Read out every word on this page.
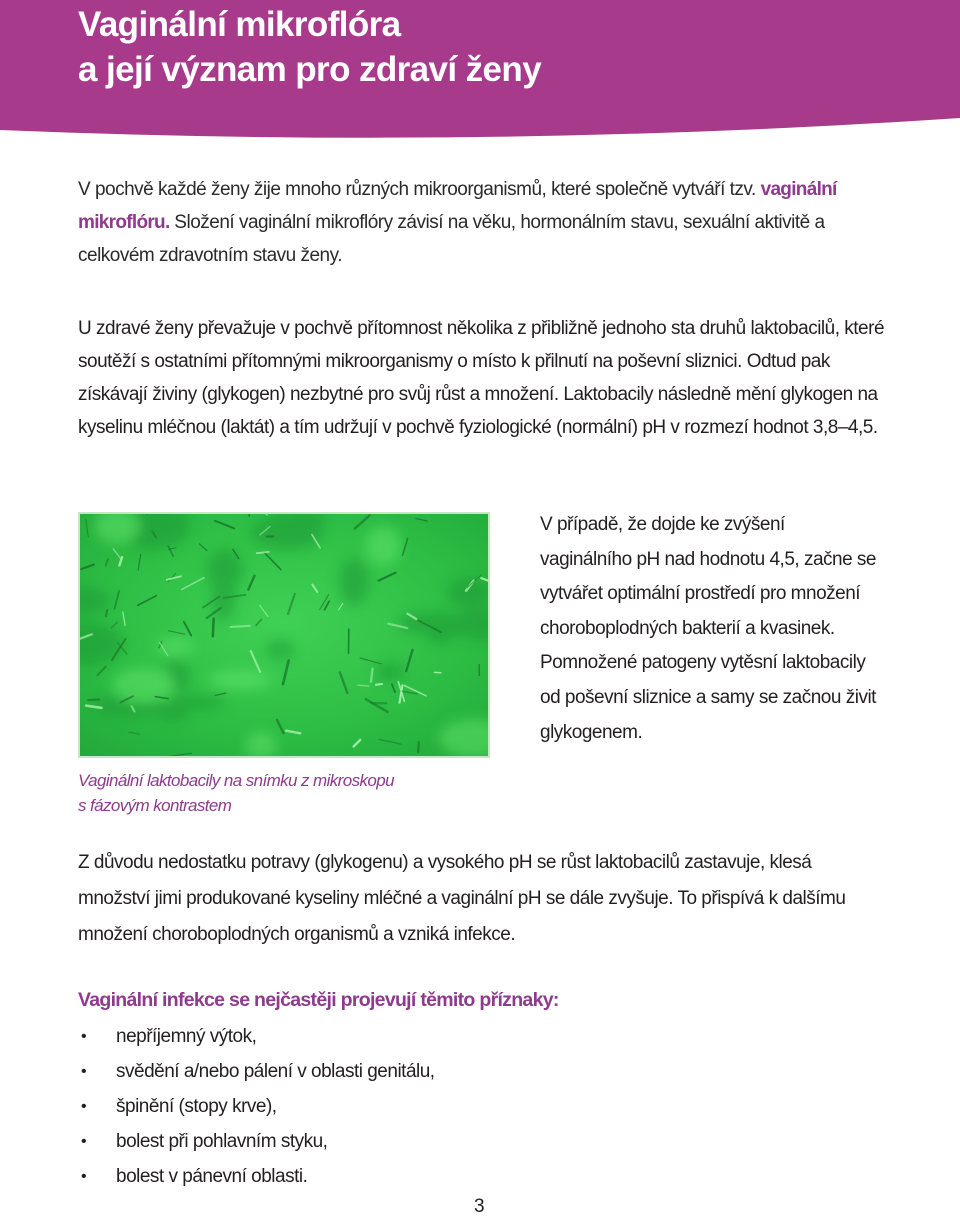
Vaginální mikroflóra
a její význam pro zdraví ženy

V pochvě každé ženy žije mnoho různých mikroorganismů, které společně vytváří tzv. vaginální mikroflóru. Složení vaginální mikroflóry závisí na věku, hormonálním stavu, sexuální aktivitě a celkovém zdravotním stavu ženy.

U zdravé ženy převažuje v pochvě přítomnost několika z přibližně jednoho sta druhů laktobacilů, které soutěží s ostatními přítomnými mikroorganismy o místo k přilnutí na poševní sliznici. Odtud pak získávají živiny (glykogen) nezbytné pro svůj růst a množení. Laktobacily následně mění glykogen na kyselinu mléčnou (laktát) a tím udržují v pochvě fyziologické (normální) pH v rozmezí hodnot 3,8–4,5.

Vaginální laktobacily na snímku z mikroskopu
s fázovým kontrastem

V případě, že dojde ke zvýšení vaginálního pH nad hodnotu 4,5, začne se vytvářet optimální prostředí pro množení choroboplodných bakterií a kvasinek. Pomnožené patogeny vytěsní laktobacily od poševní sliznice a samy se začnou živit glykogenem.

Z důvodu nedostatku potravy (glykogenu) a vysokého pH se růst laktobacilů zastavuje, klesá množství jimi produkované kyseliny mléčné a vaginální pH se dále zvyšuje. To přispívá k dalšímu množení choroboplodných organismů a vzniká infekce.

Vaginální infekce se nejčastěji projevují těmito příznaky:

• nepříjemný výtok,
• svědění a/nebo pálení v oblasti genitálu,
• špinění (stopy krve),
• bolest při pohlavním styku,
• bolest v pánevní oblasti.

3
